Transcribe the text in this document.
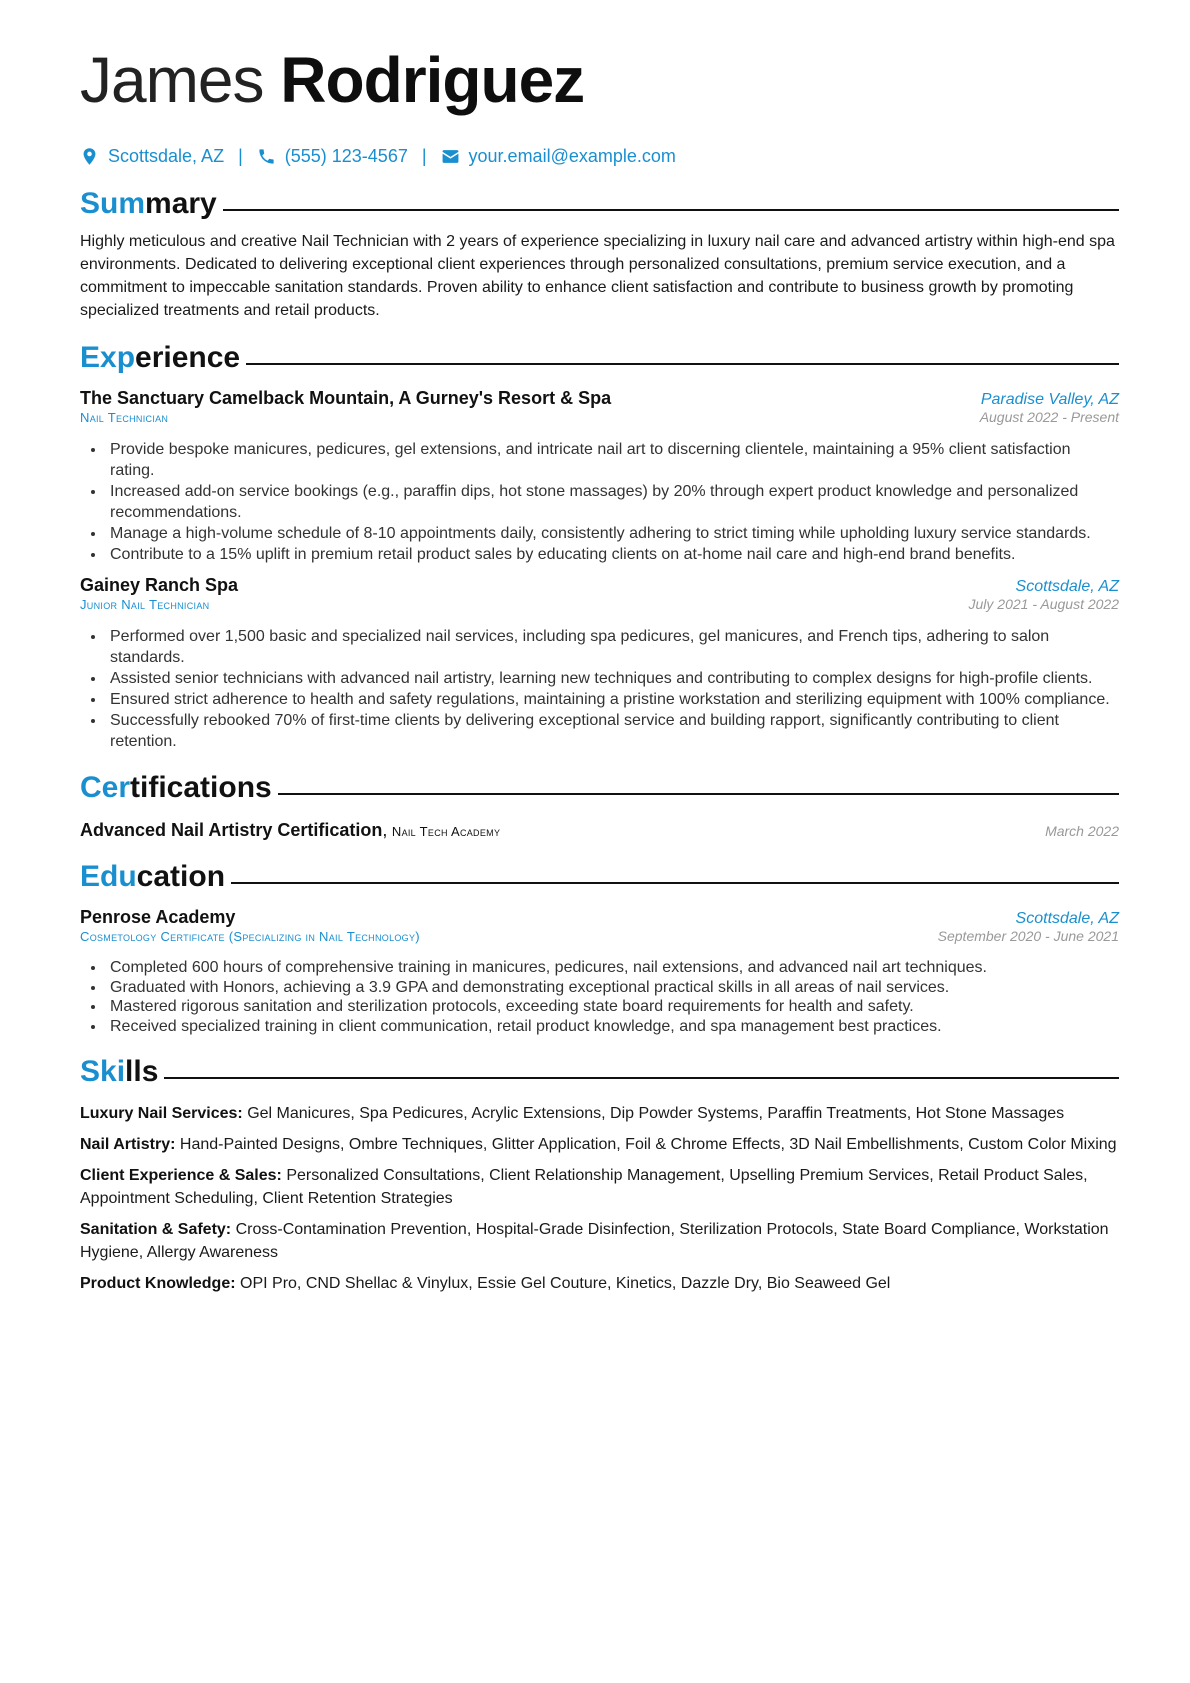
James Rodriguez
Scottsdale, AZ | (555) 123-4567 | your.email@example.com
Summary

Highly meticulous and creative Nail Technician with 2 years of experience specializing in luxury nail care and advanced artistry within high-end spa environments. Dedicated to delivering exceptional client experiences through personalized consultations, premium service execution, and a commitment to impeccable sanitation standards. Proven ability to enhance client satisfaction and contribute to business growth by promoting specialized treatments and retail products.

Experience
The Sanctuary Camelback Mountain, A Gurney's Resort & Spa	Paradise Valley, AZ
Nail Technician	August 2022 - Present
• Provide bespoke manicures, pedicures, gel extensions, and intricate nail art to discerning clientele, maintaining a 95% client satisfaction rating.
• Increased add-on service bookings (e.g., paraffin dips, hot stone massages) by 20% through expert product knowledge and personalized recommendations.
• Manage a high-volume schedule of 8-10 appointments daily, consistently adhering to strict timing while upholding luxury service standards.
• Contribute to a 15% uplift in premium retail product sales by educating clients on at-home nail care and high-end brand benefits.
Gainey Ranch Spa	Scottsdale, AZ
Junior Nail Technician	July 2021 - August 2022
• Performed over 1,500 basic and specialized nail services, including spa pedicures, gel manicures, and French tips, adhering to salon standards.
• Assisted senior technicians with advanced nail artistry, learning new techniques and contributing to complex designs for high-profile clients.
• Ensured strict adherence to health and safety regulations, maintaining a pristine workstation and sterilizing equipment with 100% compliance.
• Successfully rebooked 70% of first-time clients by delivering exceptional service and building rapport, significantly contributing to client retention.
Certifications
Advanced Nail Artistry Certification, Nail Tech Academy	March 2022
Education
Penrose Academy	Scottsdale, AZ
Cosmetology Certificate (Specializing in Nail Technology)	September 2020 - June 2021
• Completed 600 hours of comprehensive training in manicures, pedicures, nail extensions, and advanced nail art techniques.
• Graduated with Honors, achieving a 3.9 GPA and demonstrating exceptional practical skills in all areas of nail services.
• Mastered rigorous sanitation and sterilization protocols, exceeding state board requirements for health and safety.
• Received specialized training in client communication, retail product knowledge, and spa management best practices.
Skills

Luxury Nail Services: Gel Manicures, Spa Pedicures, Acrylic Extensions, Dip Powder Systems, Paraffin Treatments, Hot Stone Massages

Nail Artistry: Hand-Painted Designs, Ombre Techniques, Glitter Application, Foil & Chrome Effects, 3D Nail Embellishments, Custom Color Mixing

Client Experience & Sales: Personalized Consultations, Client Relationship Management, Upselling Premium Services, Retail Product Sales, Appointment Scheduling, Client Retention Strategies

Sanitation & Safety: Cross-Contamination Prevention, Hospital-Grade Disinfection, Sterilization Protocols, State Board Compliance, Workstation Hygiene, Allergy Awareness

Product Knowledge: OPI Pro, CND Shellac & Vinylux, Essie Gel Couture, Kinetics, Dazzle Dry, Bio Seaweed Gel
